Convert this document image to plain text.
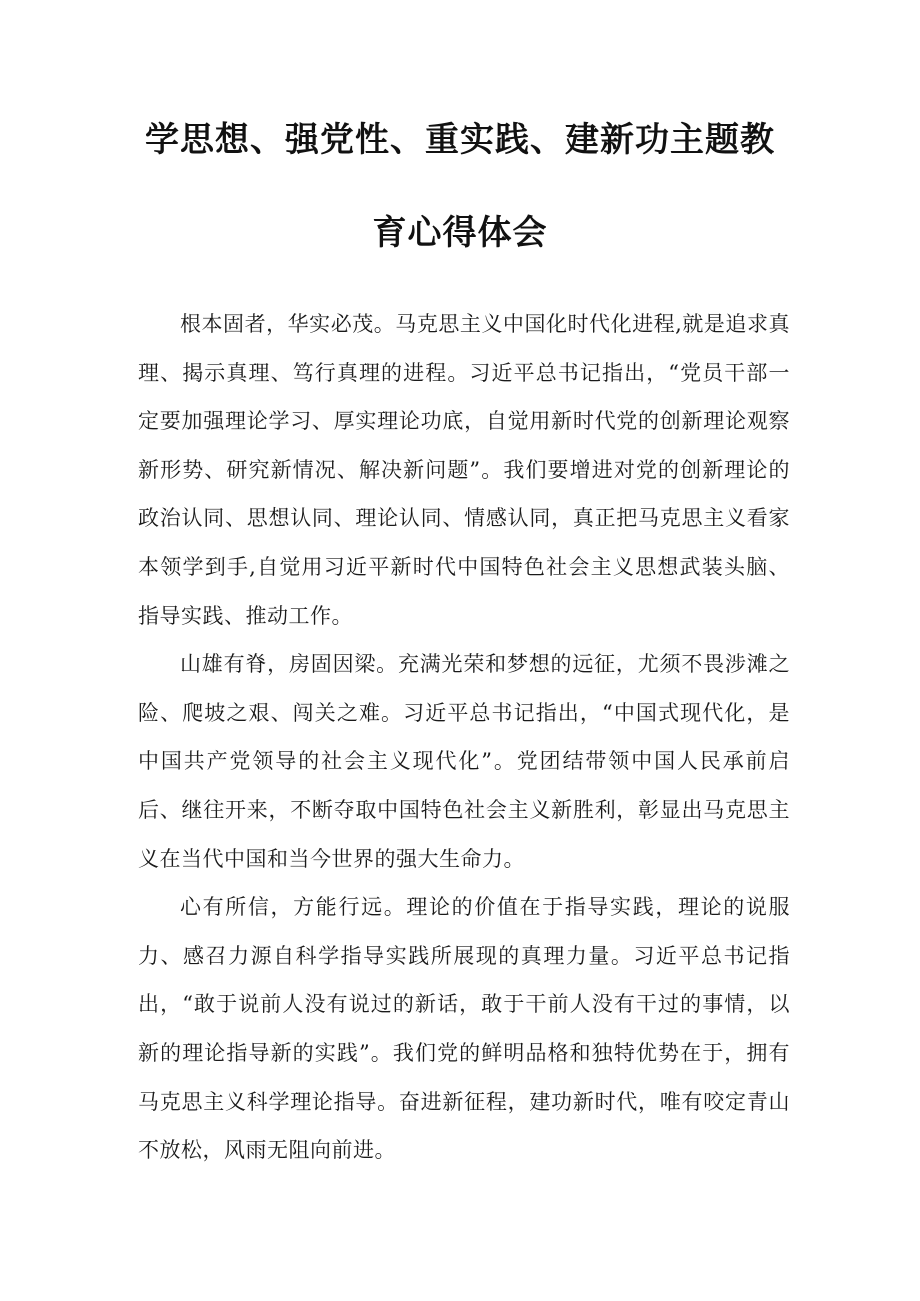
学思想、强党性、重实践、建新功主题教
育心得体会

根本固者，华实必茂。马克思主义中国化时代化进程,就是追求真理、揭示真理、笃行真理的进程。习近平总书记指出，“党员干部一定要加强理论学习、厚实理论功底，自觉用新时代党的创新理论观察新形势、研究新情况、解决新问题”。我们要增进对党的创新理论的政治认同、思想认同、理论认同、情感认同，真正把马克思主义看家本领学到手,自觉用习近平新时代中国特色社会主义思想武装头脑、指导实践、推动工作。

山雄有脊，房固因梁。充满光荣和梦想的远征，尤须不畏涉滩之险、爬坡之艰、闯关之难。习近平总书记指出，“中国式现代化，是中国共产党领导的社会主义现代化”。党团结带领中国人民承前启后、继往开来，不断夺取中国特色社会主义新胜利，彰显出马克思主义在当代中国和当今世界的强大生命力。

心有所信，方能行远。理论的价值在于指导实践，理论的说服力、感召力源自科学指导实践所展现的真理力量。习近平总书记指出，“敢于说前人没有说过的新话，敢于干前人没有干过的事情，以新的理论指导新的实践”。我们党的鲜明品格和独特优势在于，拥有马克思主义科学理论指导。奋进新征程，建功新时代，唯有咬定青山不放松，风雨无阻向前进。
